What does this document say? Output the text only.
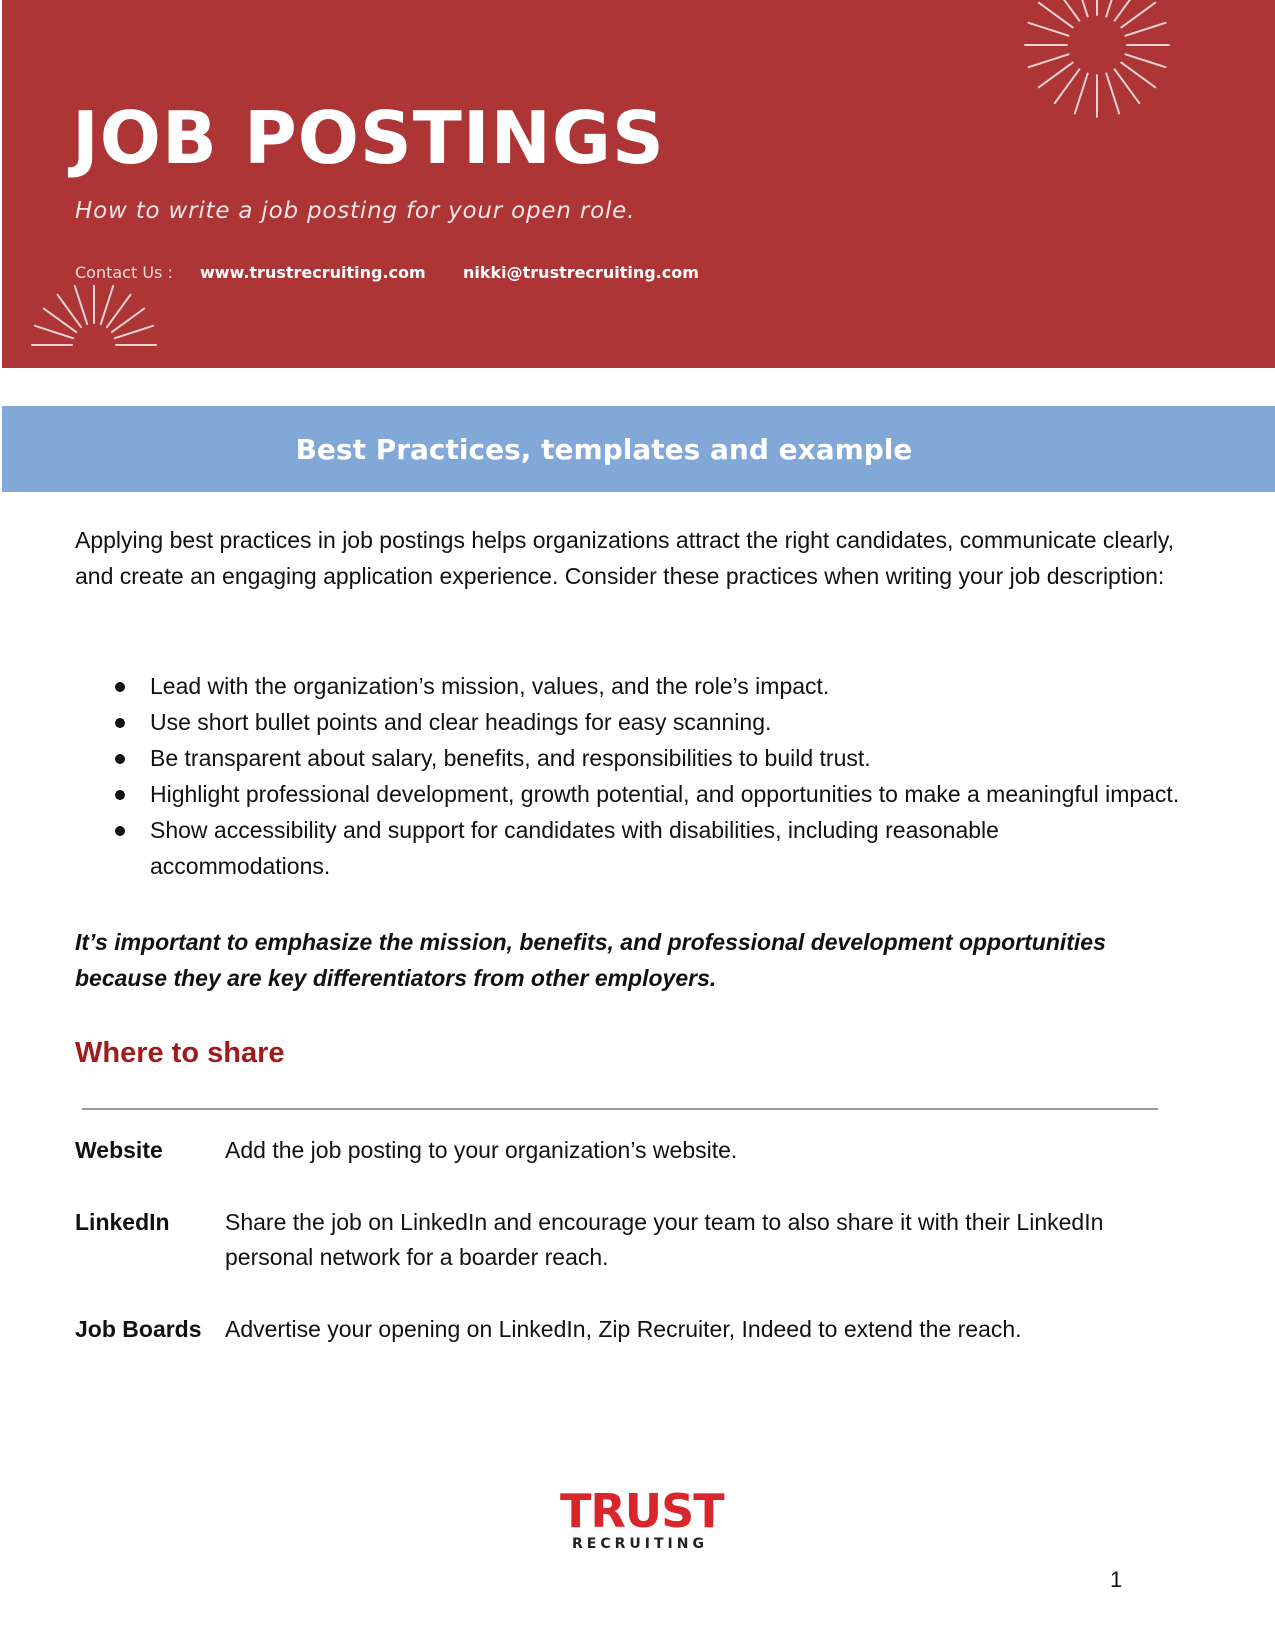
JOB POSTINGS
How to write a job posting for your open role.
Contact Us : www.trustrecruiting.com nikki@trustrecruiting.com
Best Practices, templates and example

Applying best practices in job postings helps organizations attract the right candidates, communicate clearly, and create an engaging application experience. Consider these practices when writing your job description:

Lead with the organization’s mission, values, and the role’s impact.
Use short bullet points and clear headings for easy scanning.
Be transparent about salary, benefits, and responsibilities to build trust.
Highlight professional development, growth potential, and opportunities to make a meaningful impact.
Show accessibility and support for candidates with disabilities, including reasonable accommodations.

It’s important to emphasize the mission, benefits, and professional development opportunities because they are key differentiators from other employers.

Where to share
Website	Add the job posting to your organization’s website.
LinkedIn Share the job on LinkedIn and encourage your team to also share it with their LinkedIn personal network for a boarder reach.
Job Boards Advertise your opening on LinkedIn, Zip Recruiter, Indeed to extend the reach.
TRUST
RECRUITING
1
